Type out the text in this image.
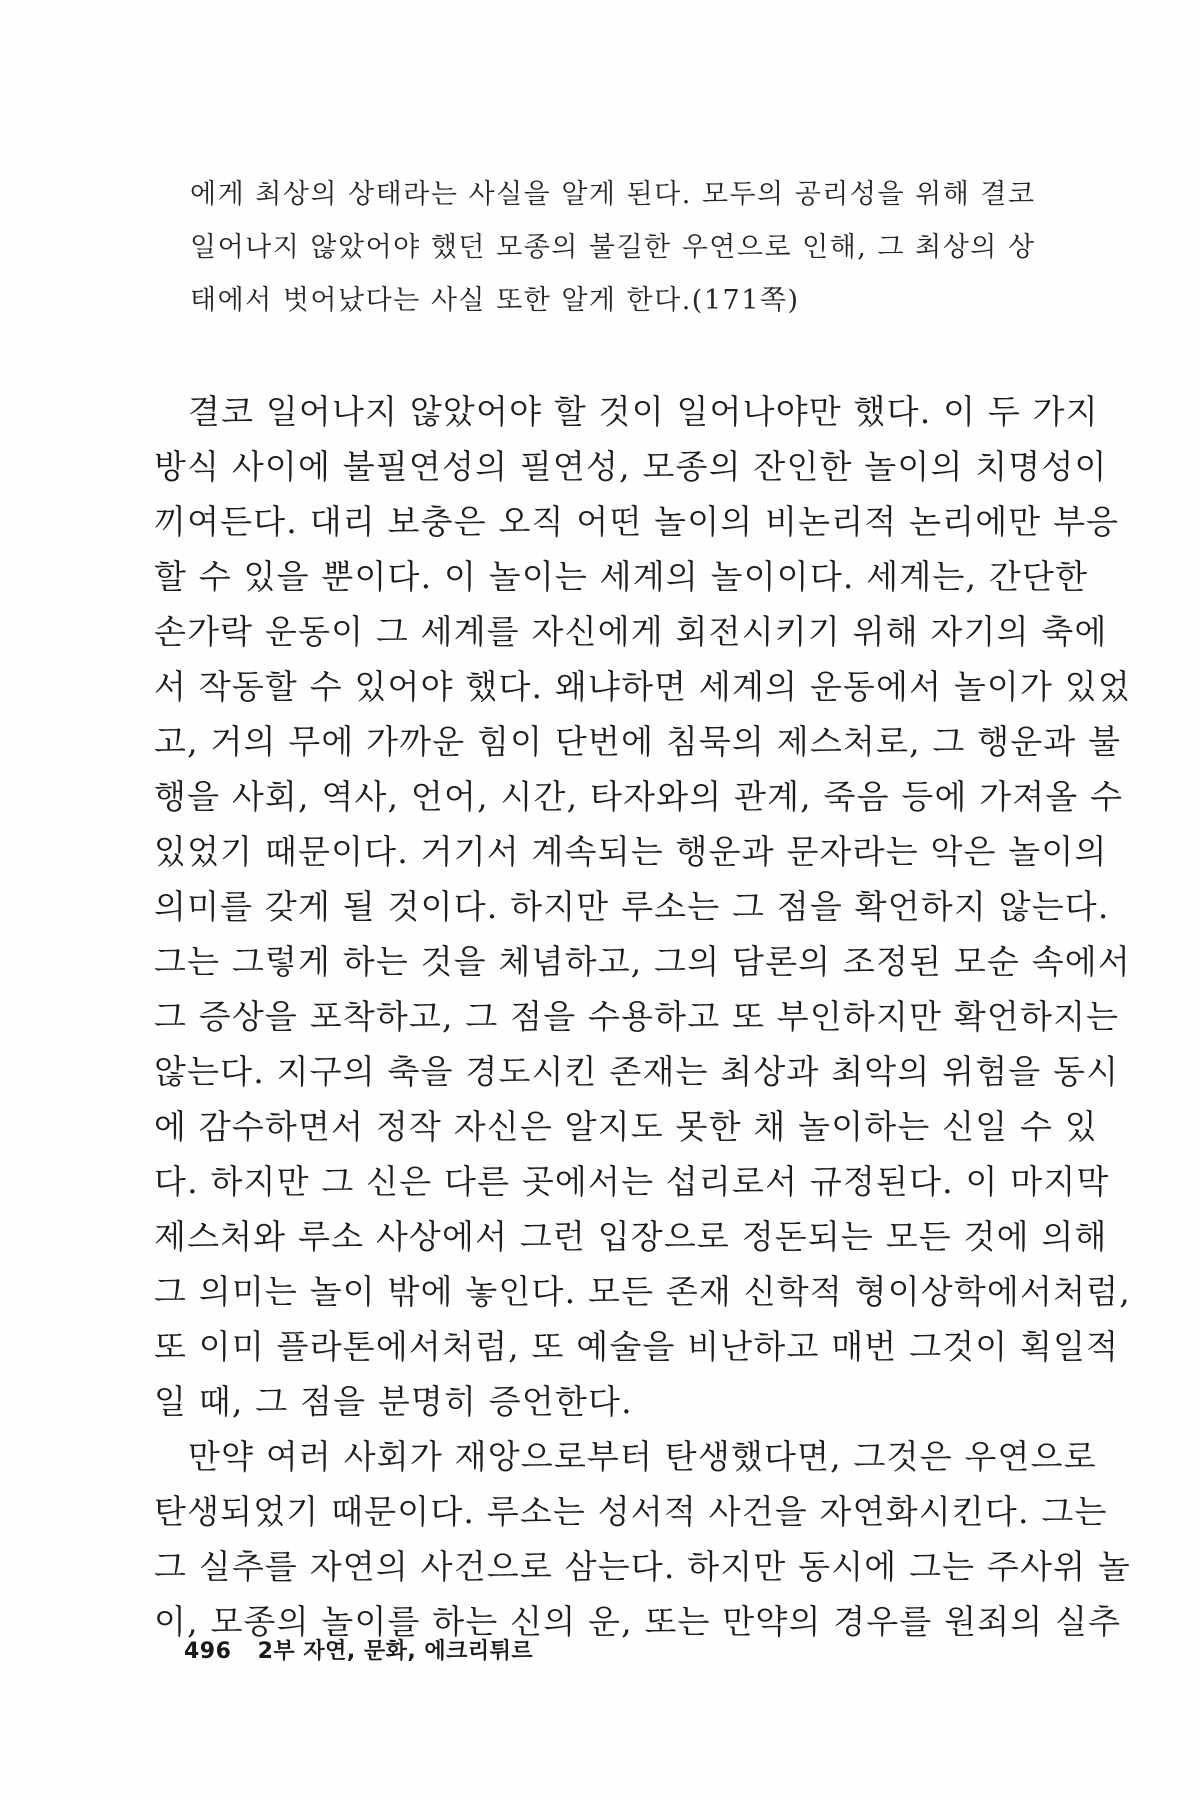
에게 최상의 상태라는 사실을 알게 된다. 모두의 공리성을 위해 결코
일어나지 않았어야 했던 모종의 불길한 우연으로 인해, 그 최상의 상
태에서 벗어났다는 사실 또한 알게 한다.(171쪽)
결코 일어나지 않았어야 할 것이 일어나야만 했다. 이 두 가지
방식 사이에 불필연성의 필연성, 모종의 잔인한 놀이의 치명성이
끼여든다. 대리 보충은 오직 어떤 놀이의 비논리적 논리에만 부응
할 수 있을 뿐이다. 이 놀이는 세계의 놀이이다. 세계는, 간단한
손가락 운동이 그 세계를 자신에게 회전시키기 위해 자기의 축에
서 작동할 수 있어야 했다. 왜냐하면 세계의 운동에서 놀이가 있었
고, 거의 무에 가까운 힘이 단번에 침묵의 제스처로, 그 행운과 불
행을 사회, 역사, 언어, 시간, 타자와의 관계, 죽음 등에 가져올 수
있었기 때문이다. 거기서 계속되는 행운과 문자라는 악은 놀이의
의미를 갖게 될 것이다. 하지만 루소는 그 점을 확언하지 않는다.
그는 그렇게 하는 것을 체념하고, 그의 담론의 조정된 모순 속에서
그 증상을 포착하고, 그 점을 수용하고 또 부인하지만 확언하지는
않는다. 지구의 축을 경도시킨 존재는 최상과 최악의 위험을 동시
에 감수하면서 정작 자신은 알지도 못한 채 놀이하는 신일 수 있
다. 하지만 그 신은 다른 곳에서는 섭리로서 규정된다. 이 마지막
제스처와 루소 사상에서 그런 입장으로 정돈되는 모든 것에 의해
그 의미는 놀이 밖에 놓인다. 모든 존재 신학적 형이상학에서처럼,
또 이미 플라톤에서처럼, 또 예술을 비난하고 매번 그것이 획일적
일 때, 그 점을 분명히 증언한다.
만약 여러 사회가 재앙으로부터 탄생했다면, 그것은 우연으로
탄생되었기 때문이다. 루소는 성서적 사건을 자연화시킨다. 그는
그 실추를 자연의 사건으로 삼는다. 하지만 동시에 그는 주사위 놀
이, 모종의 놀이를 하는 신의 운, 또는 만약의 경우를 원죄의 실추
496 2부 자연, 문화, 에크리튀르
